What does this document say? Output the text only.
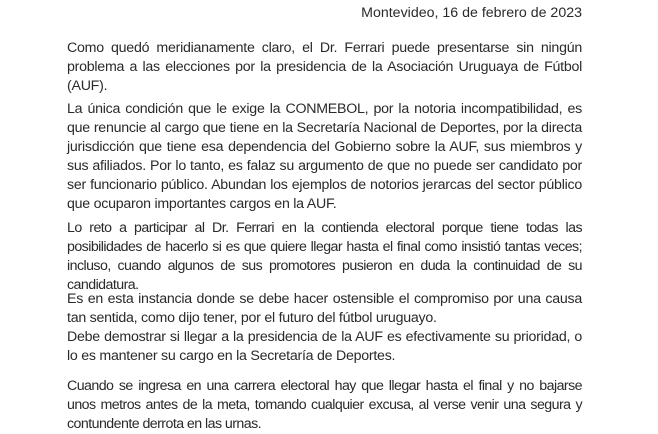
Montevideo, 16 de febrero de 2023

Como quedó meridianamente claro, el Dr. Ferrari puede presentarse sin ningún problema a las elecciones por la presidencia de la Asociación Uruguaya de Fútbol (AUF).

La única condición que le exige la CONMEBOL, por la notoria incompatibilidad, es que renuncie al cargo que tiene en la Secretaría Nacional de Deportes, por la directa jurisdicción que tiene esa dependencia del Gobierno sobre la AUF, sus miembros y sus afiliados. Por lo tanto, es falaz su argumento de que no puede ser candidato por ser funcionario público. Abundan los ejemplos de notorios jerarcas del sector público que ocuparon importantes cargos en la AUF.

Lo reto a participar al Dr. Ferrari en la contienda electoral porque tiene todas las posibilidades de hacerlo si es que quiere llegar hasta el final como insistió tantas veces; incluso, cuando algunos de sus promotores pusieron en duda la continuidad de su candidatura.

Es en esta instancia donde se debe hacer ostensible el compromiso por una causa tan sentida, como dijo tener, por el futuro del fútbol uruguayo.

Debe demostrar si llegar a la presidencia de la AUF es efectivamente su prioridad, o lo es mantener su cargo en la Secretaría de Deportes.

Cuando se ingresa en una carrera electoral hay que llegar hasta el final y no bajarse unos metros antes de la meta, tomando cualquier excusa, al verse venir una segura y contundente derrota en las urnas.
